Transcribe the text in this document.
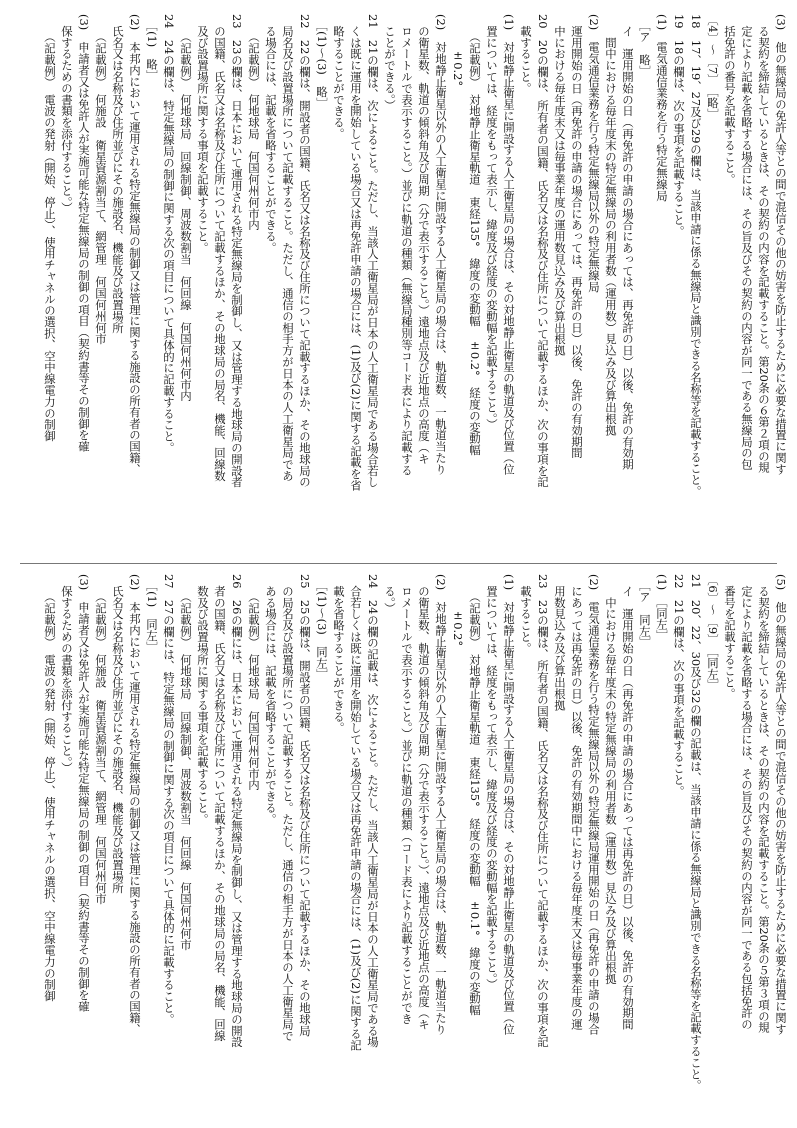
(3)　他の無線局の免許人等との間で混信その他の妨害を防止するために必要な措置に関す
　る契約を締結しているときは、その契約の内容を記載すること。第20条の６第２項の規
　定により記載を省略する場合には、その旨及びその契約の内容が同一である無線局の包
　括免許の番号を記載すること。
〔4〕～〔7〕　［略］
18　17、19、27及び29の欄は、当該申請に係る無線局と識別できる名称等を記載すること。
19　18の欄は、次の事項を記載すること。
(1)　電気通信業務を行う特定無線局
　［ア　略］
　イ　運用開始の日（再免許の申請の場合にあっては、再免許の日）以後、免許の有効期
　　間中における毎年度末の特定無線局の利用者数（運用数）見込み及び算出根拠
(2)　電気通信業務を行う特定無線局以外の特定無線局
　運用開始の日（再免許の申請の場合にあっては、再免許の日）以後、免許の有効期間
　中における毎年度末又は毎事業年度の運用数見込み及び算出根拠
20　20の欄は、所有者の国籍、氏名又は名称及び住所について記載するほか、次の事項を記
　載すること。
(1)　対地静止衛星に開設する人工衛星局の場合は、その対地静止衛星の軌道及び位置（位
　置については、経度をもって表示し、緯度及び経度の変動幅を記載すること。）
　　（記載例）　対地静止衛星軌道　東経135°　緯度の変動幅　±0.2°　経度の変動幅
　　　±0.2°
(2)　対地静止衛星以外の人工衛星に開設する人工衛星局の場合は、軌道数、一軌道当たり
　の衛星数、軌道の傾斜角及び周期（分で表示すること。）遠地点及び近地点の高度（キ
　ロメートルで表示すること。）並びに軌道の種類（無線局種別等コード表により記載する
　ことができる。）
21　21の欄は、次によること。ただし、当該人工衛星局が日本の人工衛星局である場合若し
　くは既に運用を開始している場合又は再免許申請の場合には、(1)及び(2)に関する記載を省
　略することができる。
　［(1)～(3)　略］
22　22の欄は、開設者の国籍、氏名又は名称及び住所について記載するほか、その地球局の
　局名及び設置場所について記載すること。ただし、通信の相手方が日本の人工衛星局であ
　る場合には、記載を省略することができる。
　　（記載例）　何地球局　何国何州何市内
23　23の欄は、日本において運用される特定無線局を制御し、又は管理する地球局の開設者
　の国籍、氏名又は名称及び住所について記載するほか、その地球局の局名、機能、回線数
　及び設置場所に関する事項を記載すること。
　　（記載例）　何地球局　回線制御、周波数割当　何回線　何国何州何市内
24　24の欄は、特定無線局の制御に関する次の項目について具体的に記載すること。
　［(1)　略］
(2)　本邦内において運用される特定無線局の制御又は管理に関する施設の所有者の国籍、
　氏名又は名称及び住所並びにその施設名、機能及び設置場所
　　（記載例）　何施設　衛星資源割当て、網管理　何国何州何市
(3)　申請者又は免許人が実施可能な特定無線局の制御の項目（契約書等その制御を確
　保するための書類を添付すること。）
　　（記載例）　電波の発射（開始、停止）、使用チャネルの選択、空中線電力の制御
(5)　他の無線局の免許人等との間で混信その他の妨害を防止するために必要な措置に関す
　る契約を締結しているときは、その契約の内容を記載すること。第20条の５第３項の規
　定により記載を省略する場合には、その旨及びその契約の内容が同一である包括免許の
　番号を記載すること。
〔6〕～〔9〕　［同左］
21　20、22、30及び32の欄の記載は、当該申請に係る無線局と識別できる名称等を記載すること。
22　21の欄は、次の事項を記載すること。
(1)　［同左］
　［ア　同左］
　イ　運用開始の日（再免許の申請の場合にあっては再免許の日）以後、免許の有効期間
　　中における毎年度末の特定無線局の利用者数（運用数）見込み及び算出根拠
(2)　電気通信業務を行う特定無線局以外の特定無線局運用開始の日（再免許の申請の場合
　にあっては再免許の日）以後、免許の有効期間中における毎年度末又は毎事業年度の運
　用数見込み及び算出根拠
23　23の欄は、所有者の国籍、氏名又は名称及び住所について記載するほか、次の事項を記
　載すること。
(1)　対地静止衛星に開設する人工衛星局の場合は、その対地静止衛星の軌道及び位置（位
　置については、経度をもって表示し、緯度及び経度の変動幅を記載すること。）
　　（記載例）　対地静止衛星軌道　東経135°　経度の変動幅　±0.1°　緯度の変動幅
　　　±0.2°
(2)　対地静止衛星以外の人工衛星に開設する人工衛星局の場合は、軌道数、一軌道当たり
　の衛星数、軌道の傾斜角及び周期（分で表示すること。）、遠地点及び近地点の高度（キ
　ロメートルで表示すること。）並びに軌道の種類（コード表により記載することができ
　る。）
24　24の欄の記載は、次によること。ただし、当該人工衛星局が日本の人工衛星局である場
　合若しくは既に運用を開始している場合又は再免許申請の場合には、(1)及び(2)に関する記
　載を省略することができる。
　［(1)～(3)　同左］
25　25の欄は、開設者の国籍、氏名又は名称及び住所について記載するほか、その地球局
　の局名及び設置場所について記載すること。ただし、通信の相手方が日本の人工衛星局で
　ある場合には、記載を省略することができる。
　　（記載例）　何地球局　何国何州何市内
26　26の欄には、日本において運用される特定無線局を制御し、又は管理する地球局の開設
　者の国籍、氏名又は名称及び住所について記載するほか、その地球局の局名、機能、回線
　数及び設置場所に関する事項を記載すること。
　　（記載例）　何地球局　回線制御、周波数割当　何回線　何国何州何市
27　27の欄には、特定無線局の制御に関する次の項目について具体的に記載すること。
　［(1)　同左］
(2)　本邦内において運用される特定無線局の制御又は管理に関する施設の所有者の国籍、
　氏名又は名称及び住所並びにその施設名、機能及び設置場所
　　（記載例）　何施設　衛星資源割当て、網管理　何国何州何市
(3)　申請者又は免許人が実施可能な特定無線局の制御の項目（契約書等その制御を確
　保するための書類を添付すること。）
　　（記載例）　電波の発射（開始、停止）、使用チャネルの選択、空中線電力の制御
